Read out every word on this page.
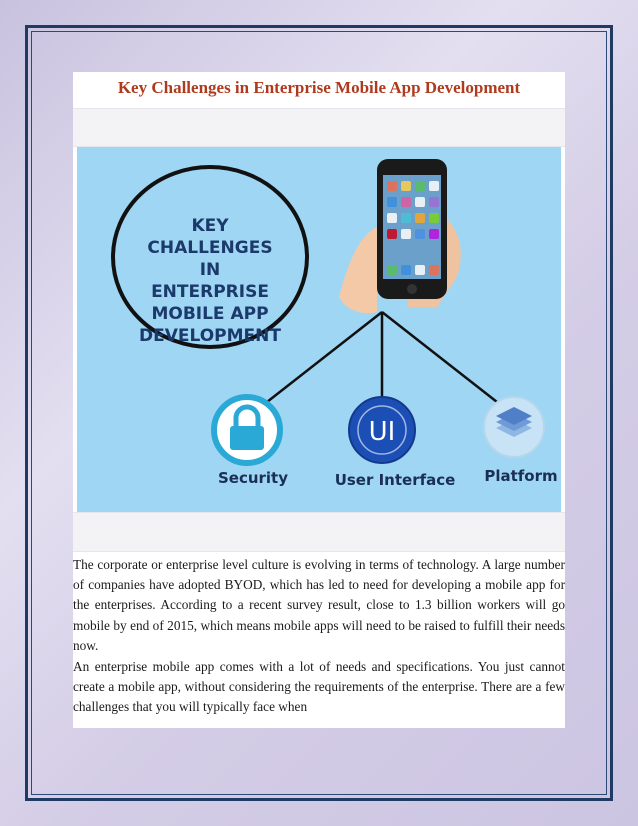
Key Challenges in Enterprise Mobile App Development
KEY
CHALLENGES
IN
ENTERPRISE
MOBILE APP
DEVELOPMENT
Security
UI
User Interface Platform

The corporate or enterprise level culture is evolving in terms of technology. A large number of companies have adopted BYOD, which has led to need for developing a mobile app for the enterprises. According to a recent survey result, close to 1.3 billion workers will go mobile by end of 2015, which means mobile apps will need to be raised to fulfill their needs now.

An enterprise mobile app comes with a lot of needs and specifications. You just cannot create a mobile app, without considering the requirements of the enterprise. There are a few challenges that you will typically face when
